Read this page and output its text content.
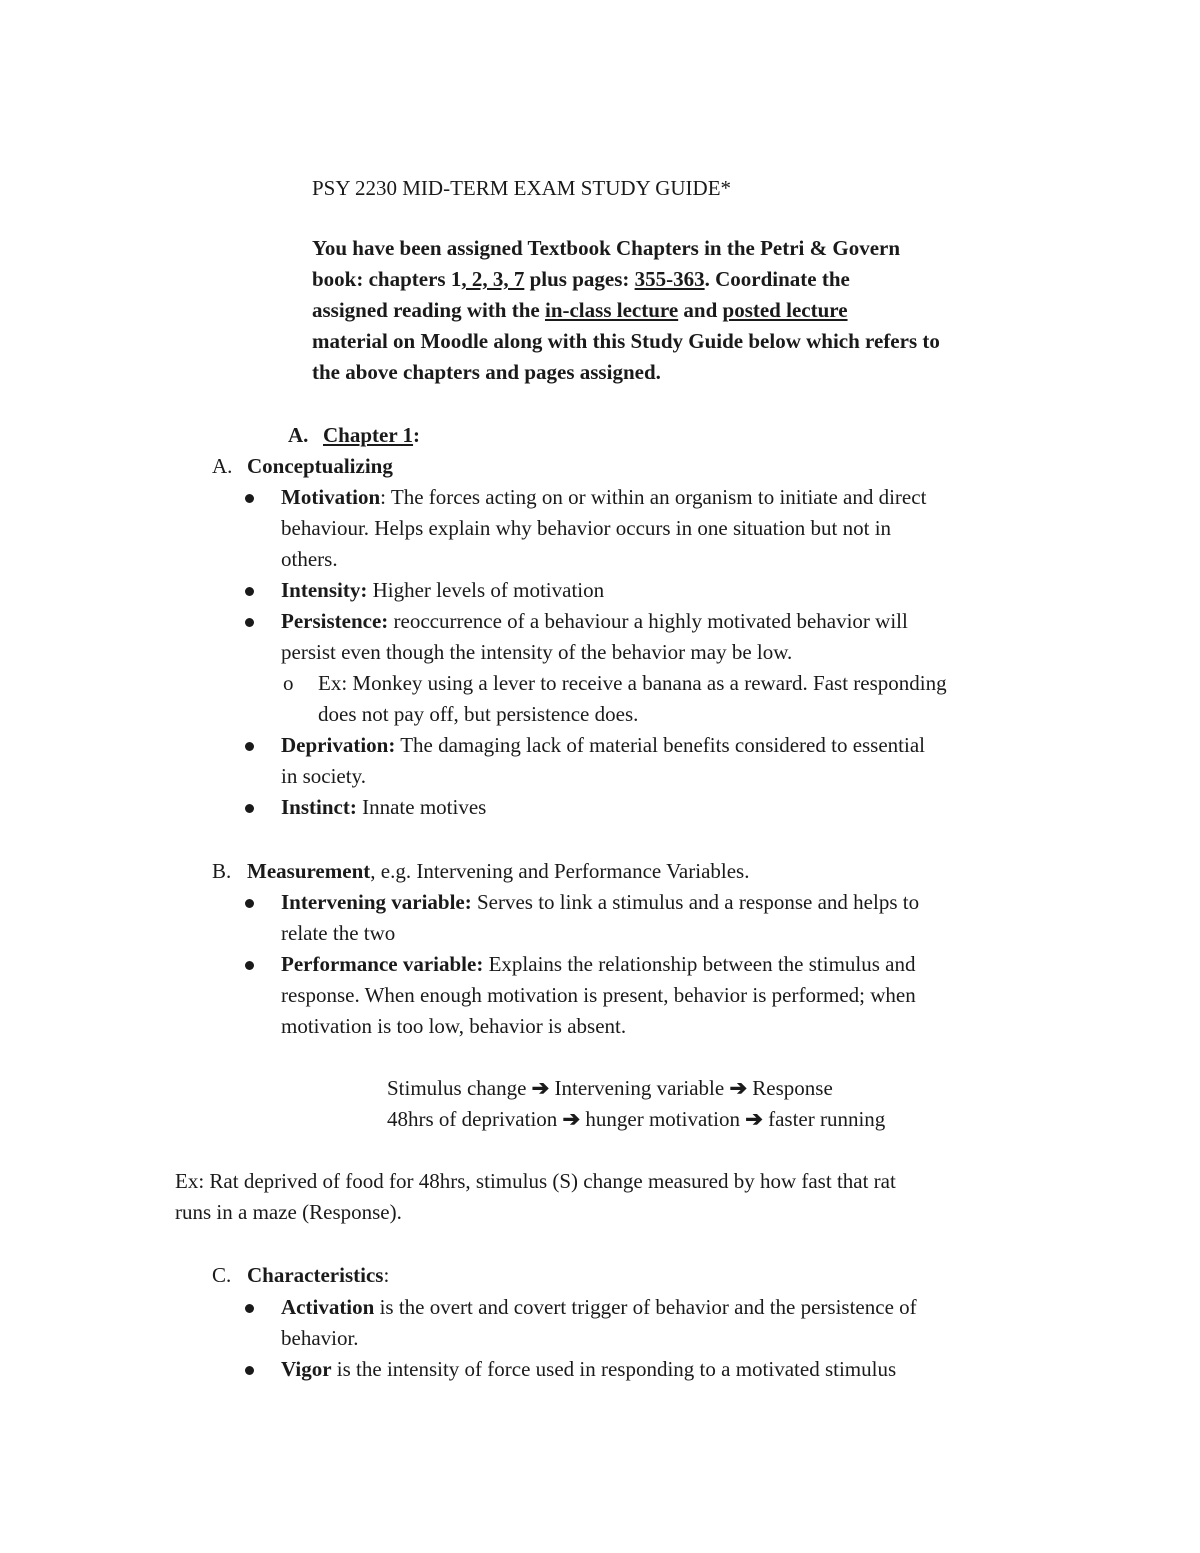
PSY 2230 MID-TERM EXAM STUDY GUIDE*
You have been assigned Textbook Chapters in the Petri & Govern
book: chapters 1, 2, 3, 7 plus pages: 355-363. Coordinate the
assigned reading with the in-class lecture and posted lecture
material on Moodle along with this Study Guide below which refers to
the above chapters and pages assigned.
A. Chapter 1:
A. Conceptualizing
Motivation: The forces acting on or within an organism to initiate and direct
behaviour. Helps explain why behavior occurs in one situation but not in
others.
Intensity: Higher levels of motivation
Persistence: reoccurrence of a behaviour a highly motivated behavior will
persist even though the intensity of the behavior may be low.
o Ex: Monkey using a lever to receive a banana as a reward. Fast responding
does not pay off, but persistence does.
Deprivation: The damaging lack of material benefits considered to essential
in society.
Instinct: Innate motives
B. Measurement, e.g. Intervening and Performance Variables.
Intervening variable: Serves to link a stimulus and a response and helps to
relate the two
Performance variable: Explains the relationship between the stimulus and
response. When enough motivation is present, behavior is performed; when
motivation is too low, behavior is absent.
Stimulus change ➔ Intervening variable ➔ Response
48hrs of deprivation ➔ hunger motivation ➔ faster running
Ex: Rat deprived of food for 48hrs, stimulus (S) change measured by how fast that rat
runs in a maze (Response).
C. Characteristics:
Activation is the overt and covert trigger of behavior and the persistence of
behavior.
Vigor is the intensity of force used in responding to a motivated stimulus
